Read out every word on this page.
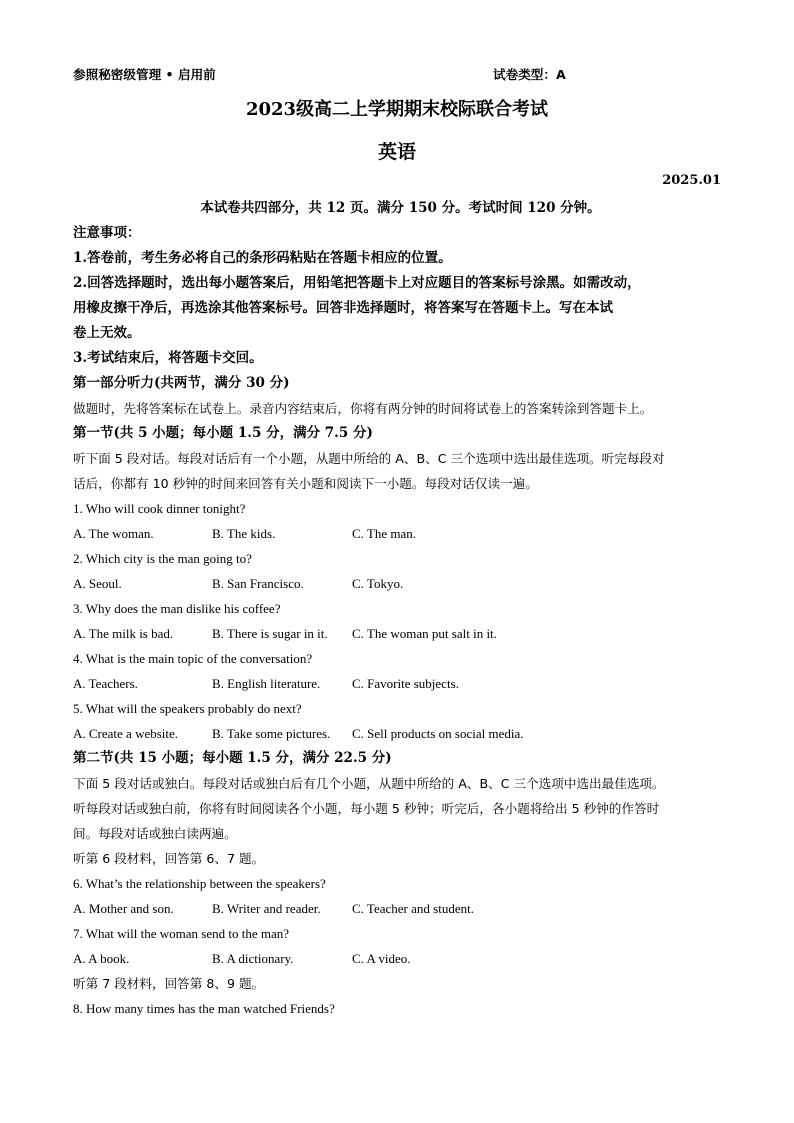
参照秘密级管理 • 启用前	试卷类型：A
2023级高二上学期期末校际联合考试
英语
2025.01
本试卷共四部分，共 12 页。满分 150 分。考试时间 120 分钟。
注意事项：
1.答卷前，考生务必将自己的条形码粘贴在答题卡相应的位置。
2.回答选择题时，选出每小题答案后，用铅笔把答题卡上对应题目的答案标号涂黑。如需改动，
用橡皮擦干净后，再选涂其他答案标号。回答非选择题时，将答案写在答题卡上。写在本试
卷上无效。
3.考试结束后，将答题卡交回。
第一部分听力(共两节，满分 30 分)
做题时，先将答案标在试卷上。录音内容结束后，你将有两分钟的时间将试卷上的答案转涂到答题卡上。
第一节(共 5 小题；每小题 1.5 分，满分 7.5 分)
听下面 5 段对话。每段对话后有一个小题，从题中所给的 A、B、C 三个选项中选出最佳选项。听完每段对
话后，你都有 10 秒钟的时间来回答有关小题和阅读下一小题。每段对话仅读一遍。
1. Who will cook dinner tonight?
A. The woman.	B. The kids.	C. The man.
2. Which city is the man going to?
A. Seoul.	B. San Francisco.	C. Tokyo.
3. Why does the man dislike his coffee?
A. The milk is bad.	B. There is sugar in it. C. The woman put salt in it.
4. What is the main topic of the conversation?
A. Teachers.	B. English literature. C. Favorite subjects.
5. What will the speakers probably do next?
A. Create a website.	B. Take some pictures. C. Sell products on social media.
第二节(共 15 小题；每小题 1.5 分，满分 22.5 分)
下面 5 段对话或独白。每段对话或独白后有几个小题，从题中所给的 A、B、C 三个选项中选出最佳选项。
听每段对话或独白前，你将有时间阅读各个小题，每小题 5 秒钟；听完后，各小题将给出 5 秒钟的作答时
间。每段对话或独白读两遍。
听第 6 段材料，回答第 6、7 题。
6. What’s the relationship between the speakers?
A. Mother and son.	B. Writer and reader. C. Teacher and student.
7. What will the woman send to the man?
A. A book.	B. A dictionary.	C. A video.
听第 7 段材料，回答第 8、9 题。
8. How many times has the man watched Friends?
